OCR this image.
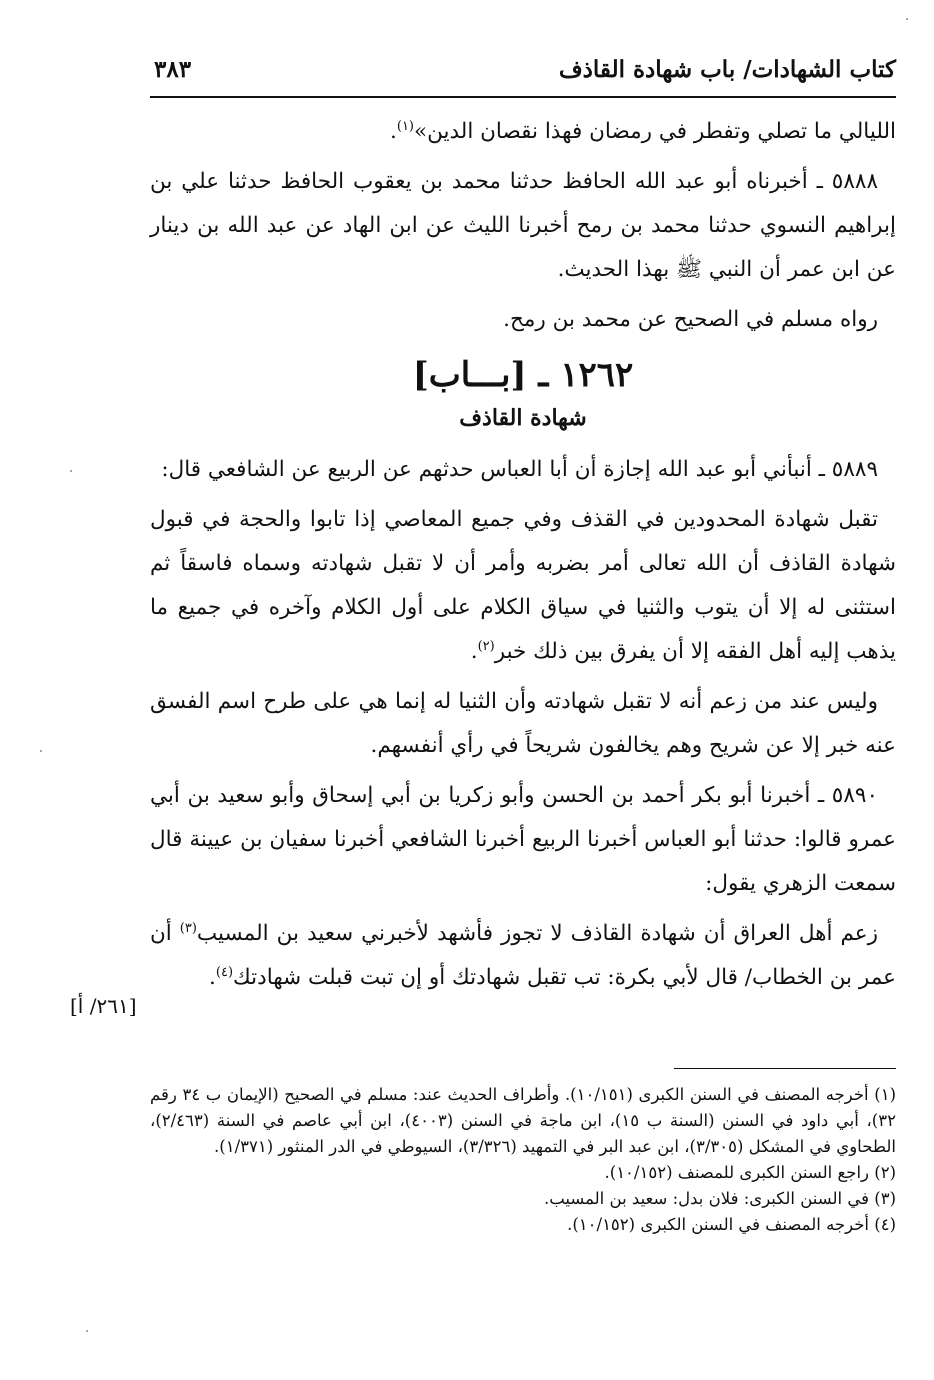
كتاب الشهادات/ باب شهادة القاذف
٣٨٣

الليالي ما تصلي وتفطر في رمضان فهذا نقصان الدين»$^{(١)}$.

٥٨٨٨ ـ أخبرناه أبو عبد الله الحافظ حدثنا محمد بن يعقوب الحافظ حدثنا علي بن إبراهيم النسوي حدثنا محمد بن رمح أخبرنا الليث عن ابن الهاد عن عبد الله بن دينار عن ابن عمر أن النبي ﷺ بهذا الحديث.

رواه مسلم في الصحيح عن محمد بن رمح.

١٢٦٢ ـ [بـــاب]
شهادة القاذف

٥٨٨٩ ـ أنبأني أبو عبد الله إجازة أن أبا العباس حدثهم عن الربيع عن الشافعي قال:

تقبل شهادة المحدودين في القذف وفي جميع المعاصي إذا تابوا والحجة في قبول شهادة القاذف أن الله تعالى أمر بضربه وأمر أن لا تقبل شهادته وسماه فاسقاً ثم استثنى له إلا أن يتوب والثنيا في سياق الكلام على أول الكلام وآخره في جميع ما يذهب إليه أهل الفقه إلا أن يفرق بين ذلك خبر$^{(٢)}$.

وليس عند من زعم أنه لا تقبل شهادته وأن الثنيا له إنما هي على طرح اسم الفسق عنه خبر إلا عن شريح وهم يخالفون شريحاً في رأي أنفسهم.

٥٨٩٠ ـ أخبرنا أبو بكر أحمد بن الحسن وأبو زكريا بن أبي إسحاق وأبو سعيد بن أبي عمرو قالوا: حدثنا أبو العباس أخبرنا الربيع أخبرنا الشافعي أخبرنا سفيان بن عيينة قال سمعت الزهري يقول:

زعم أهل العراق أن شهادة القاذف لا تجوز فأشهد لأخبرني سعيد بن المسيب$^{(٣)}$ أن عمر بن الخطاب/ قال لأبي بكرة: تب تقبل شهادتك أو إن تبت قبلت شهادتك$^{(٤)}$.

[٢٦١/ أ]

(١) أخرجه المصنف في السنن الكبرى (١٠/١٥١). وأطراف الحديث عند: مسلم في الصحيح (الإيمان ب ٣٤ رقم ٣٢)، أبي داود في السنن (السنة ب ١٥)، ابن ماجة في السنن (٤٠٠٣)، ابن أبي عاصم في السنة (٢/٤٦٣)، الطحاوي في المشكل (٣/٣٠٥)، ابن عبد البر في التمهيد (٣/٣٢٦)، السيوطي في الدر المنثور (١/٣٧١).

(٢) راجع السنن الكبرى للمصنف (١٠/١٥٢).

(٣) في السنن الكبرى: فلان بدل: سعيد بن المسيب.

(٤) أخرجه المصنف في السنن الكبرى (١٠/١٥٢).
